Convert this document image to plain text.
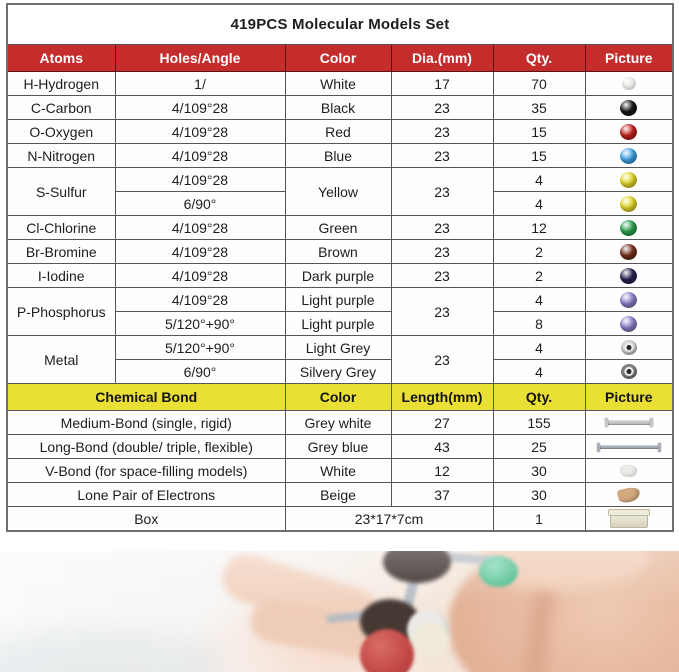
419PCS Molecular Models Set					
Atoms	Holes/Angle	Color	Dia.(mm)	Qty.	Picture
H-Hydrogen	1/	White	17	70	

C-Carbon	4/109°28	Black	23	35	

O-Oxygen	4/109°28	Red	23	15	

N-Nitrogen	4/109°28	Blue	23	15	

S-Sulfur	4/109°28	Yellow	23	4	

	6/90°			4	

Cl-Chlorine	4/109°28	Green	23	12	

Br-Bromine	4/109°28	Brown	23	2	

I-Iodine	4/109°28	Dark purple	23	2	

P-Phosphorus	4/109°28	Light purple	23	4	

	5/120°+90°	Light purple		8	

Metal	5/120°+90°	Light Grey	23	4	

	6/90°	Silvery Grey		4	

Chemical Bond		Color	Length(mm)	Qty.	Picture
Medium-Bond (single, rigid)		Grey white	27	155	

Long-Bond (double/ triple, flexible)		Grey blue	43	25	

V-Bond (for space-filling models)		White	12	30	

Lone Pair of Electrons		Beige	37	30	

Box		23*17*7cm		1	
